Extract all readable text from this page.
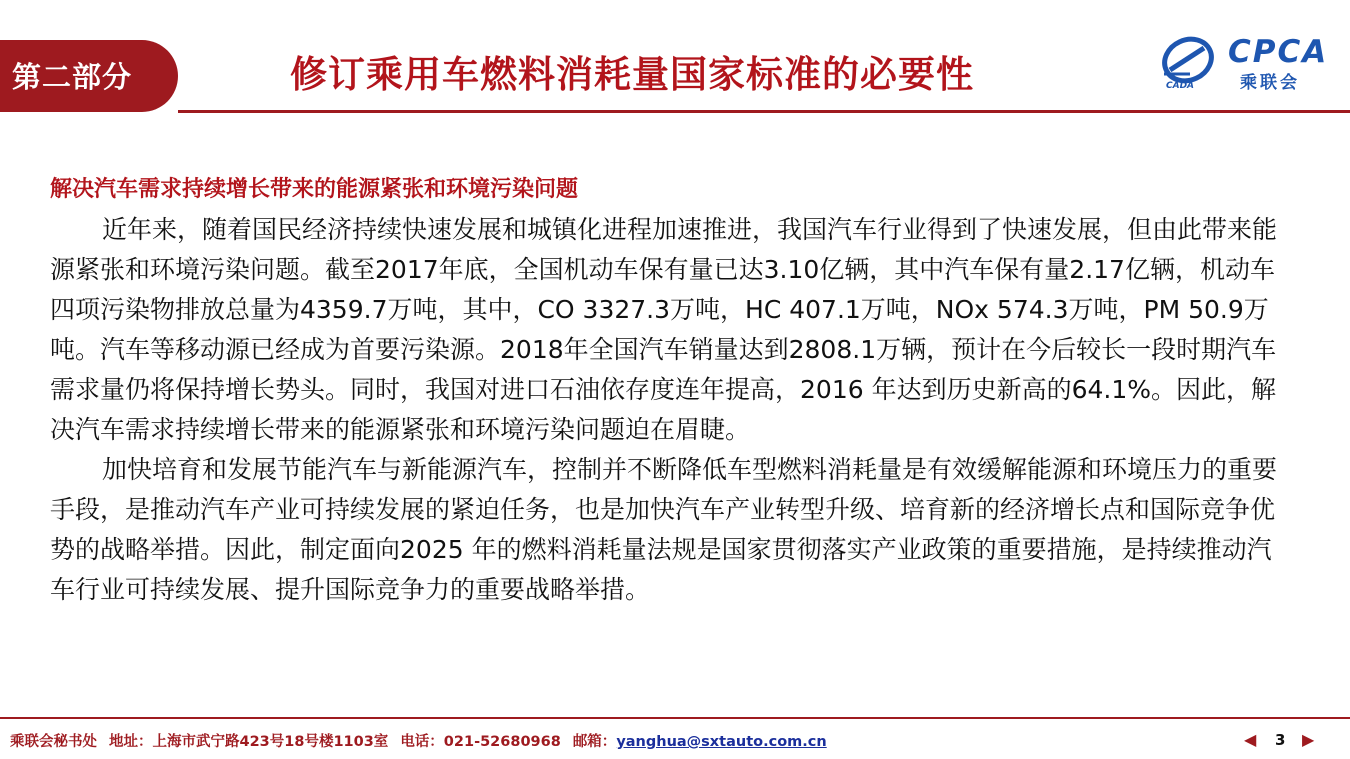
第二部分	修订乘用车燃料消耗量国家标准的必要性	CADA
CPCA
乘联会
解决汽车需求持续增长带来的能源紧张和环境污染问题

近年来，随着国民经济持续快速发展和城镇化进程加速推进，我国汽车行业得到了快速发展，但由此带来能源紧张和环境污染问题。截至2017年底，全国机动车保有量已达3.10亿辆，其中汽车保有量2.17亿辆，机动车四项污染物排放总量为4359.7万吨，其中，CO 3327.3万吨，HC 407.1万吨，NOx 574.3万吨，PM 50.9万吨。汽车等移动源已经成为首要污染源。2018年全国汽车销量达到2808.1万辆，预计在今后较长一段时期汽车需求量仍将保持增长势头。同时，我国对进口石油依存度连年提高，2016 年达到历史新高的64.1%。因此，解决汽车需求持续增长带来的能源紧张和环境污染问题迫在眉睫。

加快培育和发展节能汽车与新能源汽车，控制并不断降低车型燃料消耗量是有效缓解能源和环境压力的重要手段，是推动汽车产业可持续发展的紧迫任务，也是加快汽车产业转型升级、培育新的经济增长点和国际竞争优势的战略举措。因此，制定面向2025 年的燃料消耗量法规是国家贯彻落实产业政策的重要措施，是持续推动汽车行业可持续发展、提升国际竞争力的重要战略举措。

乘联会秘书处 地址：上海市武宁路423号18号楼1103室 电话：021-52680968 邮箱：yanghua@sxtauto.com.cn	◀ 3 ▶
